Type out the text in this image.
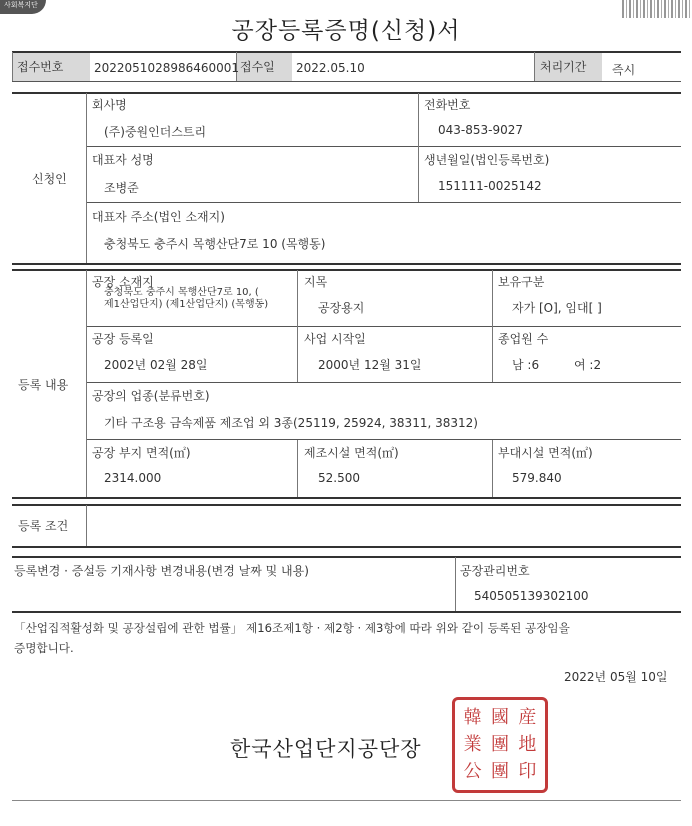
사회복지단
공장등록증명(신청)서
접수번호	2022051028986460001 접수일 2022.05.10	처리기간 즉시
신청인
회사명
(주)중원인더스트리
전화번호
043-853-9027
대표자 성명
조병준
생년월일(법인등록번호)
151111-0025142
대표자 주소(법인 소재지)
충청북도 충주시 목행산단7로 10 (목행동)
등록 내용
공장 소재지
충청북도 충주시 목행산단7로 10, (
제1산업단지) (제1산업단지) (목행동)
지목
공장용지
보유구분
자가 [O], 임대[ ]
공장 등록일
2002년 02월 28일
사업 시작일
2000년 12월 31일
종업원 수
남 :6	여 :2
공장의 업종(분류번호)
기타 구조용 금속제품 제조업 외 3종(25119, 25924, 38311, 38312)
공장 부지 면적(㎡)
2314.000
제조시설 면적(㎡)
52.500
부대시설 면적(㎡)
579.840
등록 조건
등록변경 · 증설등 기재사항 변경내용(변경 날짜 및 내용)	공장관리번호
540505139302100
「산업집적활성화 및 공장설립에 관한 법률」 제16조제1항 · 제2항 · 제3항에 따라 위와 같이 등록된 공장임을
증명합니다.
2022년 05월 10일
한국산업단지공단장
韓 國 産
業 團 地
公 團 印
